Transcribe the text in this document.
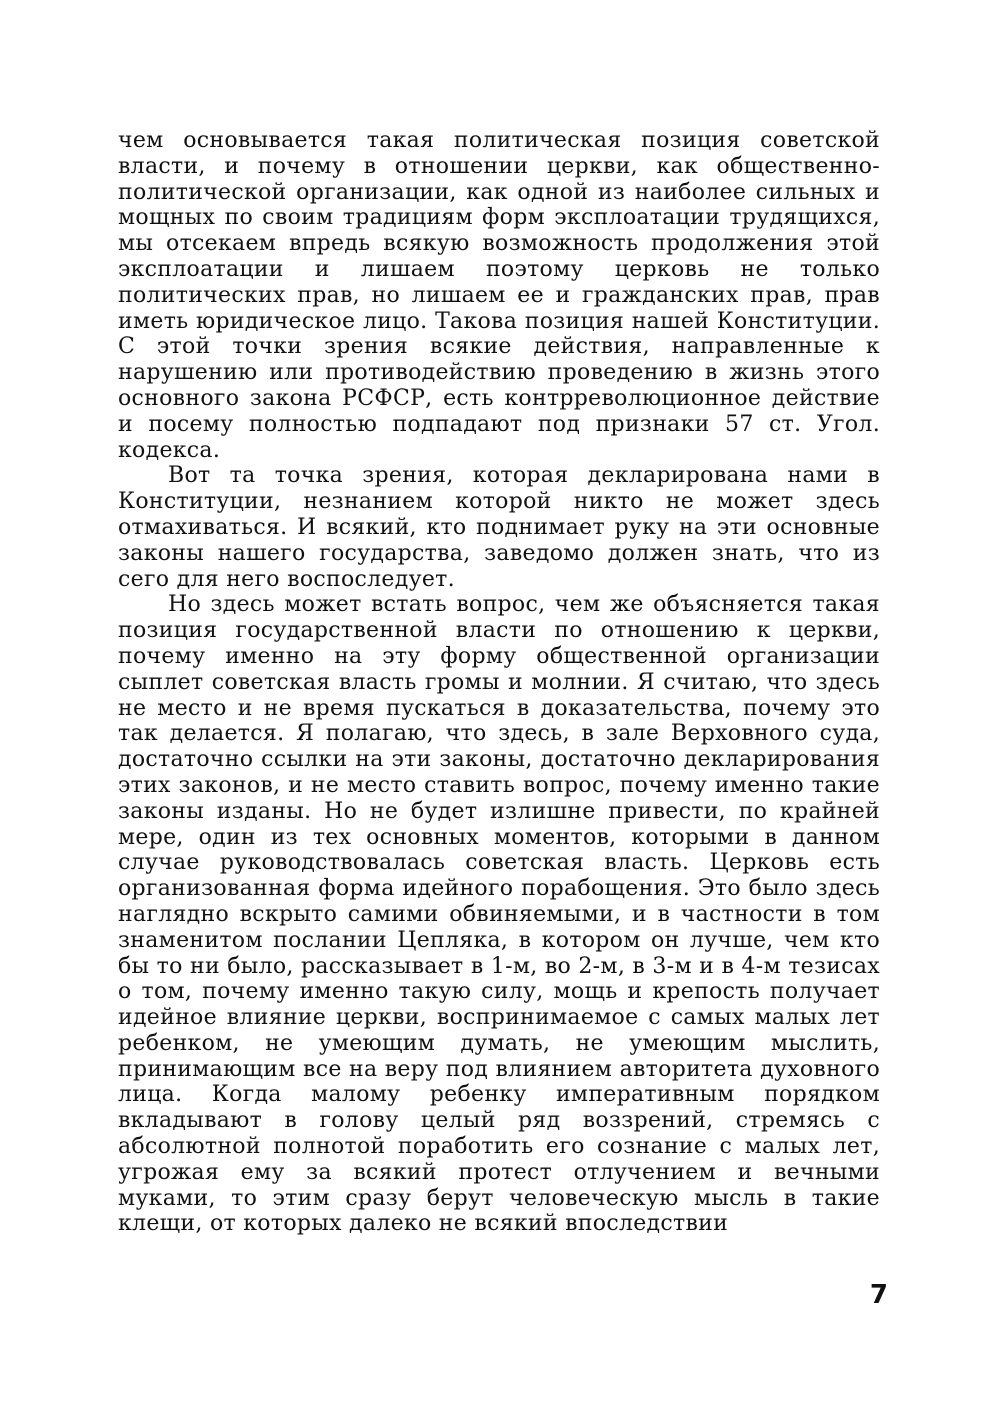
чем основывается такая политическая позиция советской власти, и почему в отношении церкви, как общественно-политической организации, как одной из наиболее сильных и мощных по своим традициям форм эксплоатации трудящихся, мы отсекаем впредь всякую возможность продолжения этой эксплоатации и лишаем поэтому церковь не только политических прав, но лишаем ее и гражданских прав, прав иметь юридическое лицо. Такова позиция нашей Конституции. С этой точки зрения всякие действия, направленные к нарушению или противодействию проведению в жизнь этого основного закона РСФСР, есть контрреволюционное действие и посему полностью подпадают под признаки 57 ст. Угол. кодекса.

Вот та точка зрения, которая декларирована нами в Конституции, незнанием которой никто не может здесь отмахиваться. И всякий, кто поднимает руку на эти основные законы нашего государства, заведомо должен знать, что из сего для него воспоследует.

Но здесь может встать вопрос, чем же объясняется такая позиция государственной власти по отношению к церкви, почему именно на эту форму общественной организации сыплет советская власть громы и молнии. Я считаю, что здесь не место и не время пускаться в доказательства, почему это так делается. Я полагаю, что здесь, в зале Верховного суда, достаточно ссылки на эти законы, достаточно декларирования этих законов, и не место ставить вопрос, почему именно такие законы изданы. Но не будет излишне привести, по крайней мере, один из тех основных моментов, которыми в данном случае руководствовалась советская власть. Церковь есть организованная форма идейного порабощения. Это было здесь наглядно вскрыто самими обвиняемыми, и в частности в том знаменитом послании Цепляка, в котором он лучше, чем кто бы то ни было, рассказывает в 1-м, во 2-м, в 3-м и в 4-м тезисах о том, почему именно такую силу, мощь и крепость получает идейное влияние церкви, воспринимаемое с самых малых лет ребенком, не умеющим думать, не умеющим мыслить, принимающим все на веру под влиянием авторитета духовного лица. Когда малому ребенку императивным порядком вкладывают в голову целый ряд воззрений, стремясь с абсолютной полнотой поработить его сознание с малых лет, угрожая ему за всякий протест отлучением и вечными муками, то этим сразу берут человеческую мысль в такие клещи, от которых далеко не всякий впоследствии

7
